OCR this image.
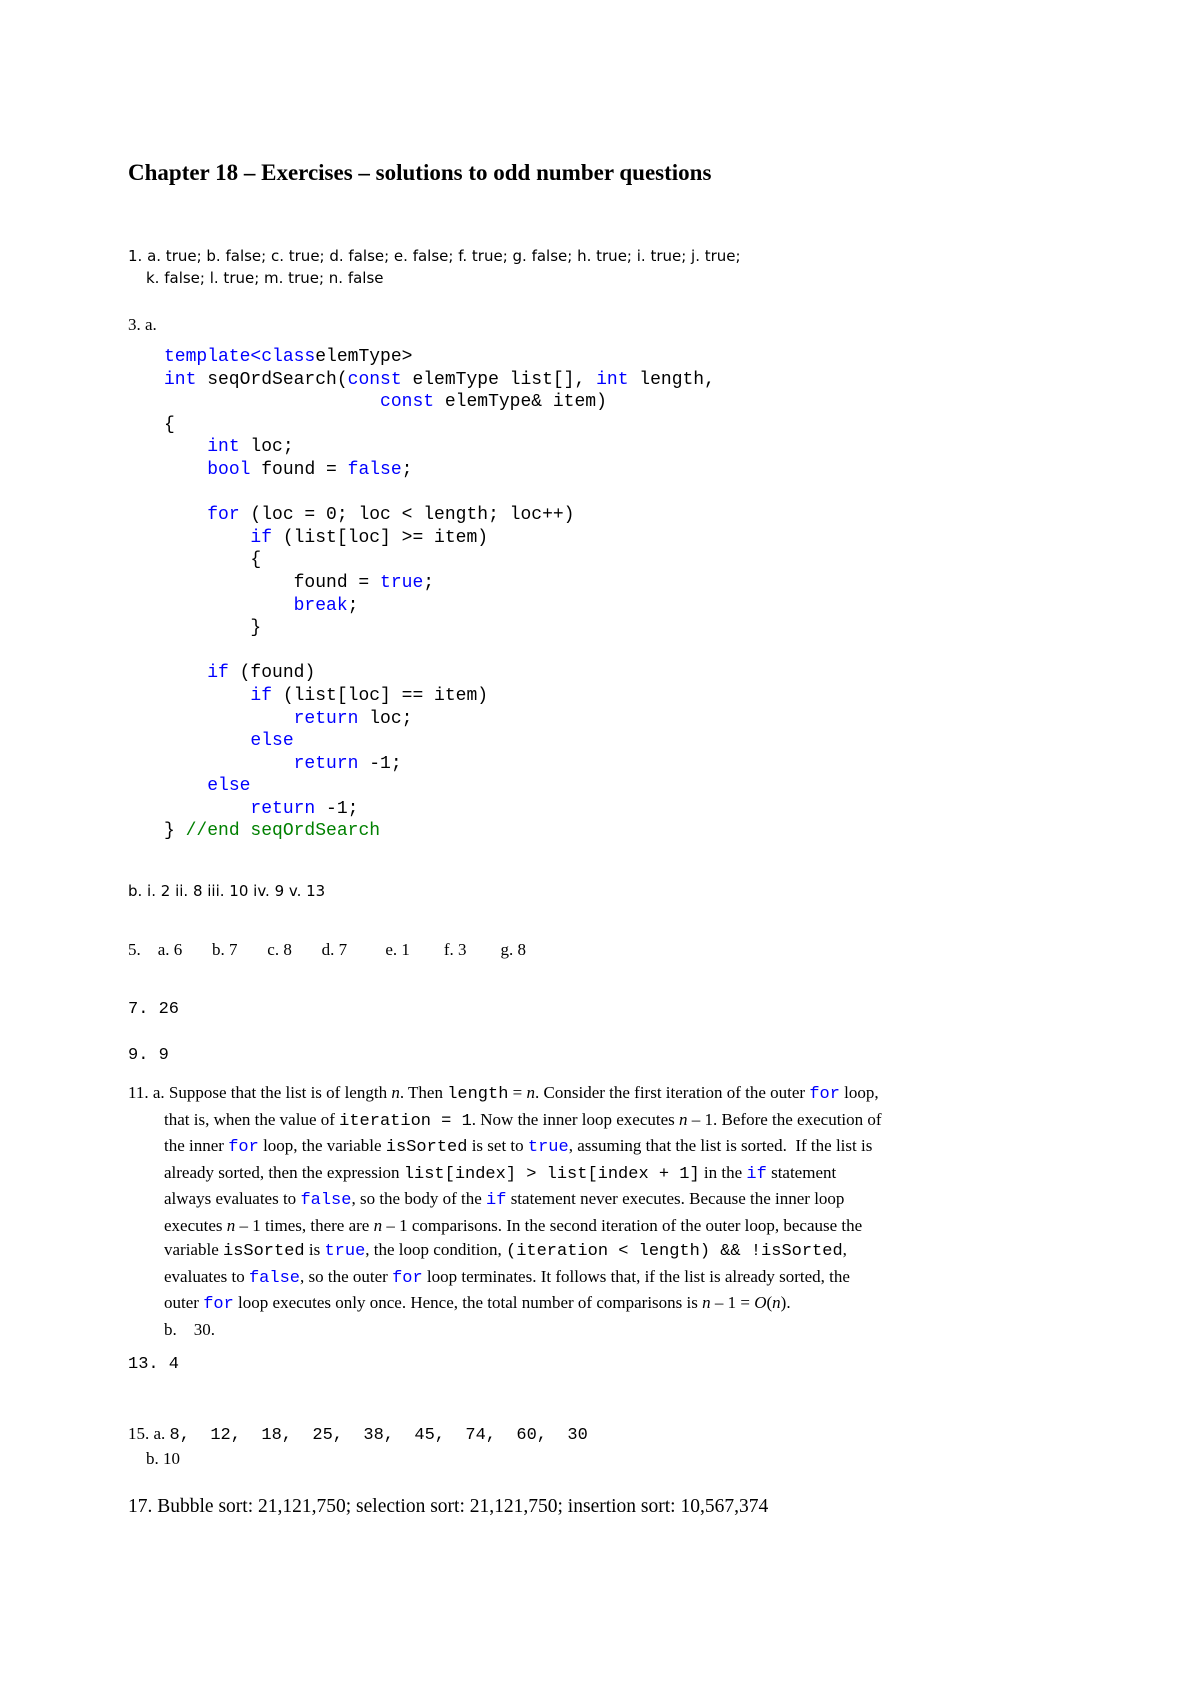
Chapter 18 – Exercises – solutions to odd number questions
1. a. true; b. false; c. true; d. false; e. false; f. true; g. false; h. true; i. true; j. true;
k. false; l. true; m. true; n. false
3. a.
template<classelemType>
int seqOrdSearch(const elemType list[], int length,
const elemType& item)
{
int loc;
bool found = false;

for (loc = 0; loc < length; loc++)
if (list[loc] >= item)
{
found = true;
break;
}

if (found)
if (list[loc] == item)
return loc;
else
return -1;
else
return -1;
} //end seqOrdSearch

b. i. 2 ii. 8 iii. 10 iv. 9 v. 13
5.    a. 6       b. 7       c. 8       d. 7         e. 1        f. 3        g. 8
7. 26
9. 9
11. a. Suppose that the list is of length n. Then length = n. Consider the first iteration of the outer for loop,
that is, when the value of iteration = 1. Now the inner loop executes n – 1. Before the execution of
the inner for loop, the variable isSorted is set to true, assuming that the list is sorted.  If the list is
already sorted, then the expression list[index] > list[index + 1] in the if statement
always evaluates to false, so the body of the if statement never executes. Because the inner loop
executes n – 1 times, there are n – 1 comparisons. In the second iteration of the outer loop, because the
variable isSorted is true, the loop condition, (iteration < length) && !isSorted,
evaluates to false, so the outer for loop terminates. It follows that, if the list is already sorted, the
outer for loop executes only once. Hence, the total number of comparisons is n – 1 = O(n).
b.    30.
13. 4
15. a. 8,  12,  18,  25,  38,  45,  74,  60,  30
b. 10
17. Bubble sort: 21,121,750; selection sort: 21,121,750; insertion sort: 10,567,374
